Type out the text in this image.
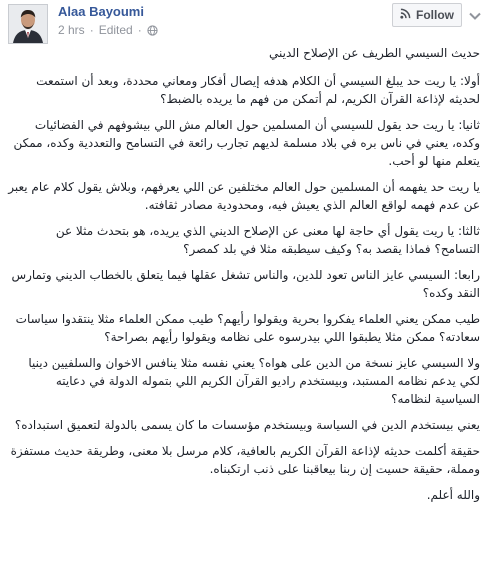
Alaa Bayoumi
2 hrs · Edited ·
Follow

حديث السيسي الطريف عن الإصلاح الديني

أولا: يا ريت حد يبلغ السيسي أن الكلام هدفه إيصال أفكار ومعاني محددة، وبعد أن استمعت لحديثه لإذاعة القرآن الكريم، لم أتمكن من فهم ما يريده بالضبط؟

ثانيا: يا ريت حد يقول للسيسي أن المسلمين حول العالم مش اللي بيشوفهم في الفضائيات وكده، يعني في ناس بره في بلاد مسلمة لديهم تجارب رائعة في التسامح والتعددية وكده، ممكن يتعلم منها لو أحب.

يا ريت حد يفهمه أن المسلمين حول العالم مختلفين عن اللي يعرفهم، وبلاش يقول كلام عام يعبر عن عدم فهمه لواقع العالم الذي يعيش فيه، ومحدودية مصادر ثقافته.

ثالثا: يا ريت يقول أي حاجة لها معنى عن الإصلاح الديني الذي يريده، هو بتحدث مثلا عن التسامح؟ فماذا يقصد به؟ وكيف سيطبقه مثلا في بلد كمصر؟

رابعا: السيسي عايز الناس تعود للدين، والناس تشغل عقلها فيما يتعلق بالخطاب الديني وتمارس النقد وكده؟

طيب ممكن يعني العلماء يفكروا بحرية ويقولوا رأيهم؟ طيب ممكن العلماء مثلا ينتقدوا سياسات سعادته؟ ممكن مثلا يطبقوا اللي بيدرسوه على نظامه ويقولوا رأيهم بصراحة؟

ولا السيسي عايز نسخة من الدين على هواه؟ يعني نفسه مثلا ينافس الاخوان والسلفيين دينيا لكي يدعم نظامه المستبد، وبيستخدم راديو القرآن الكريم اللي بتموله الدولة في دعايته السياسية لنظامه؟

يعني بيستخدم الدين في السياسة وبيستخدم مؤسسات ما كان يسمى بالدولة لتعميق استبداده؟

حقيقة أكلمت حديثه لإذاعة القرآن الكريم بالعافية، كلام مرسل بلا معنى، وطريقة حديث مستفزة ومملة، حقيقة حسيت إن ربنا بيعاقبنا على ذنب ارتكبناه.

والله أعلم.
